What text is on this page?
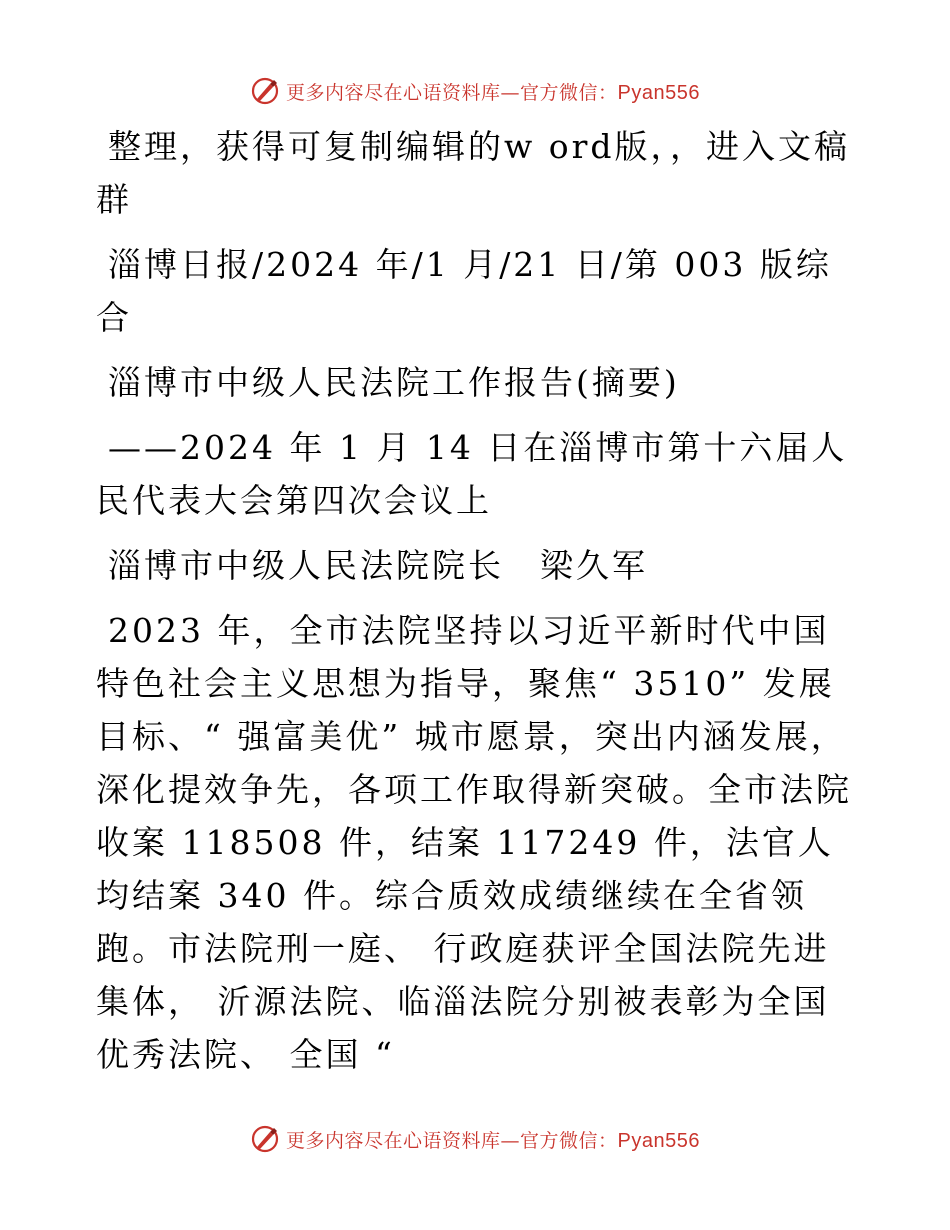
更多内容尽在心语资料库—官方微信：Pyan556

整理，获得可复制编辑的w ord版，，进入文稿群

淄博日报/2024 年/1 月/21 日/第 003 版综合

淄博市中级人民法院工作报告(摘要)

——2024 年 1 月 14 日在淄博市第十六届人民代表大会第四次会议上

淄博市中级人民法院院长　梁久军

2023 年，全市法院坚持以习近平新时代中国特色社会主义思想为指导，聚焦“ 3510” 发展目标、“ 强富美优” 城市愿景，突出内涵发展，深化提效争先，各项工作取得新突破。全市法院收案 118508 件，结案 117249 件，法官人均结案 340 件。综合质效成绩继续在全省领跑。市法院刑一庭、 行政庭获评全国法院先进集体， 沂源法院、临淄法院分别被表彰为全国优秀法院、 全国 “

更多内容尽在心语资料库—官方微信：Pyan556
